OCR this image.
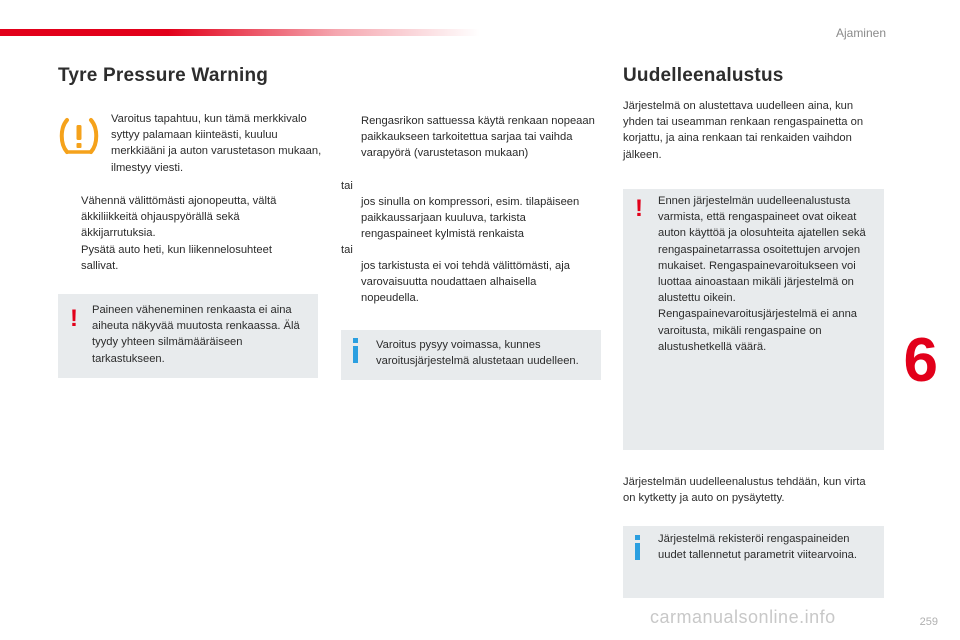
Ajaminen
Tyre Pressure Warning

Varoitus tapahtuu, kun tämä merkkivalo syttyy palamaan kiinteästi, kuuluu merkkiääni ja auton varustetason mukaan, ilmestyy viesti.

Vähennä välittömästi ajonopeutta, vältä äkkiliikkeitä ohjauspyörällä sekä äkkijarrutuksia.
Pysätä auto heti, kun liikennelosuhteet sallivat.
! Paineen väheneminen renkaasta ei aina aiheuta näkyvää muutosta renkaassa. Älä tyydy yhteen silmämääräiseen tarkastukseen.
Rengasrikon sattuessa käytä renkaan nopeaan paikkaukseen tarkoitettua sarjaa tai vaihda varapyörä (varustetason mukaan)
tai
jos sinulla on kompressori, esim. tilapäiseen paikkaussarjaan kuuluva, tarkista rengaspaineet kylmistä renkaista
tai
jos tarkistusta ei voi tehdä välittömästi, aja varovaisuutta noudattaen alhaisella nopeudella.
Varoitus pysyy voimassa, kunnes varoitusjärjestelmä alustetaan uudelleen.
Uudelleenalustus

Järjestelmä on alustettava uudelleen aina, kun yhden tai useamman renkaan rengaspainetta on korjattu, ja aina renkaan tai renkaiden vaihdon jälkeen.

! Ennen järjestelmän uudelleenalustusta varmista, että rengaspaineet ovat oikeat auton käyttöä ja olosuhteita ajatellen sekä rengaspainetarrassa osoitettujen arvojen mukaiset. Rengaspainevaroitukseen voi luottaa ainoastaan mikäli järjestelmä on alustettu oikein. Rengaspainevaroitusjärjestelmä ei anna varoitusta, mikäli rengaspaine on alustushetkellä väärä.

Järjestelmän uudelleenalustus tehdään, kun virta on kytketty ja auto on pysäytetty.

Järjestelmä rekisteröi rengaspaineiden uudet tallennetut parametrit viitearvoina.
6
259
carmanualsonline.info
